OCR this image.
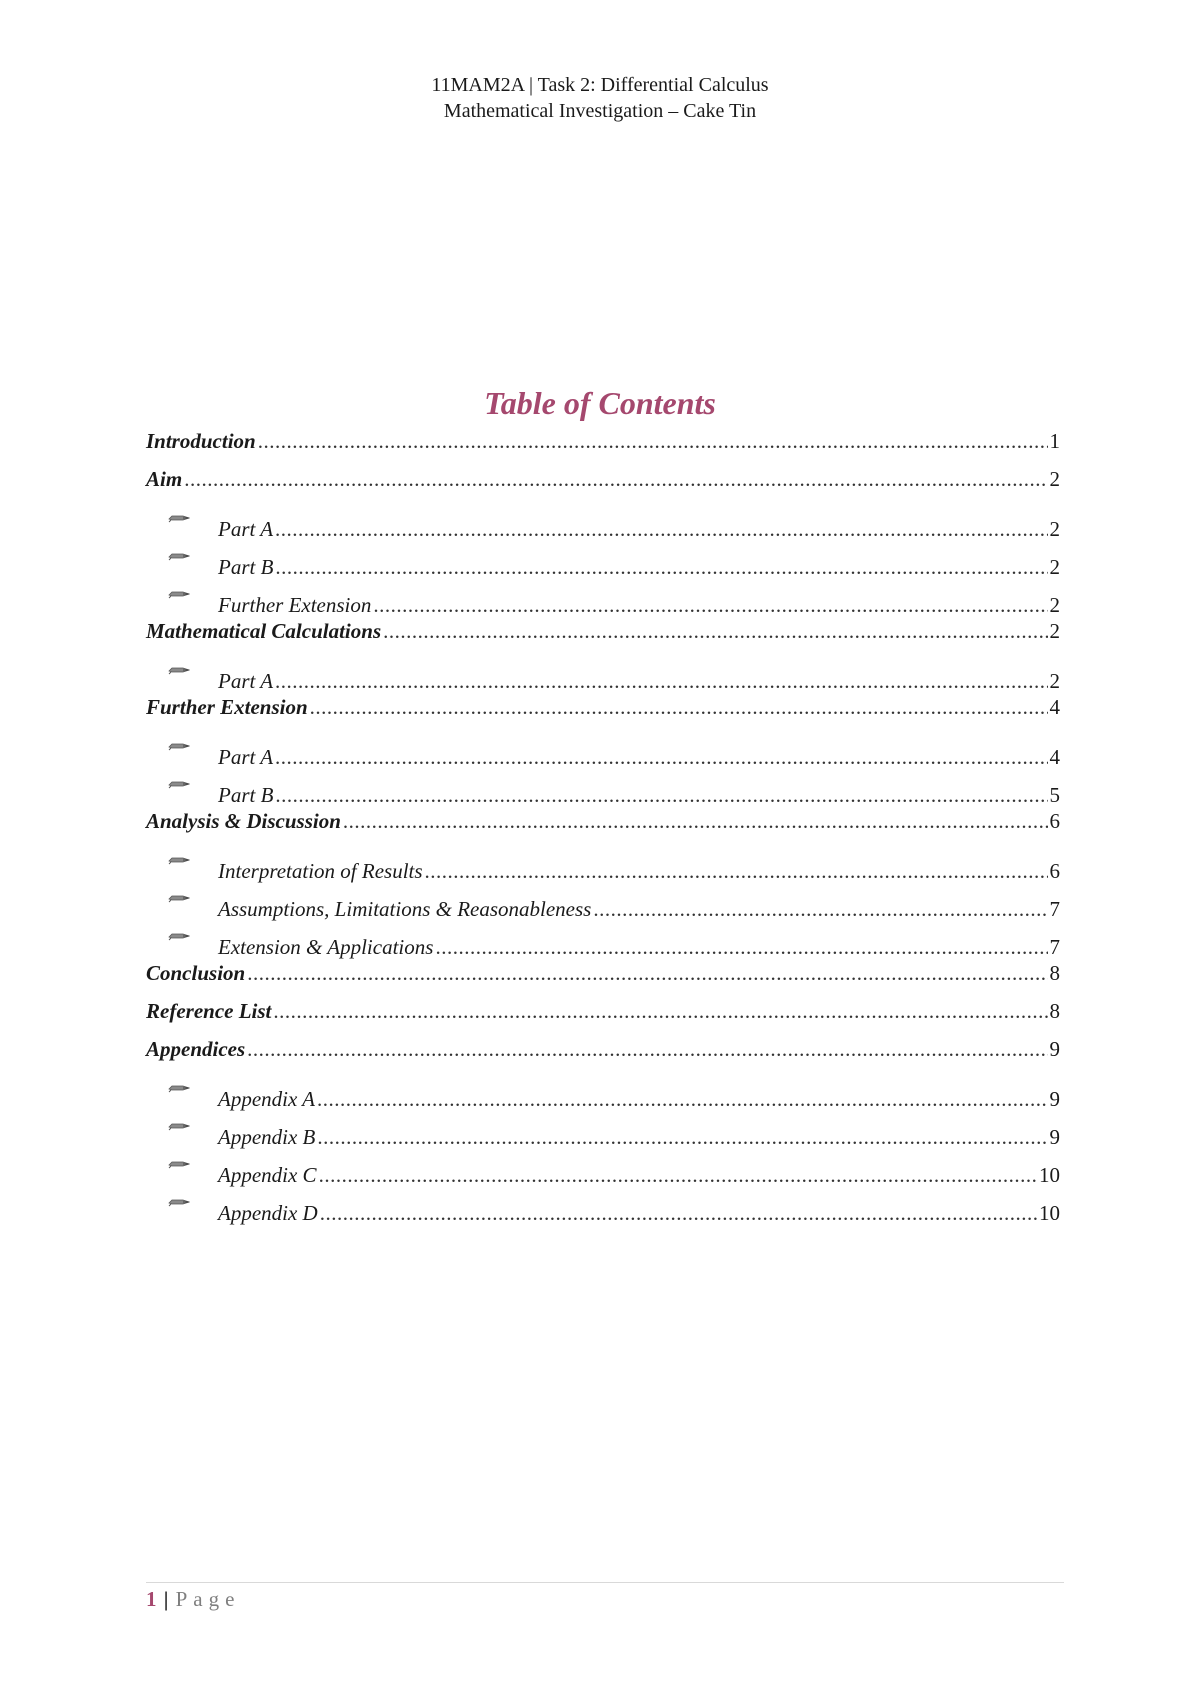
11MAM2A | Task 2: Differential Calculus
Mathematical Investigation – Cake Tin
Table of Contents
Introduction .....	1
Aim .....	2
Part A .....	2
Part B .....	2
Further Extension .....	2
Mathematical Calculations .....	2
Part A .....	2
Further Extension .....	4
Part A .....	4
Part B .....	5
Analysis & Discussion .....	6
Interpretation of Results .....	6
Assumptions, Limitations & Reasonableness .....	7
Extension & Applications .....	7
Conclusion .....	8
Reference List .....	8
Appendices .....	9
Appendix A .....	9
Appendix B .....	9
Appendix C .....	10
Appendix D .....	10
1 | Page
